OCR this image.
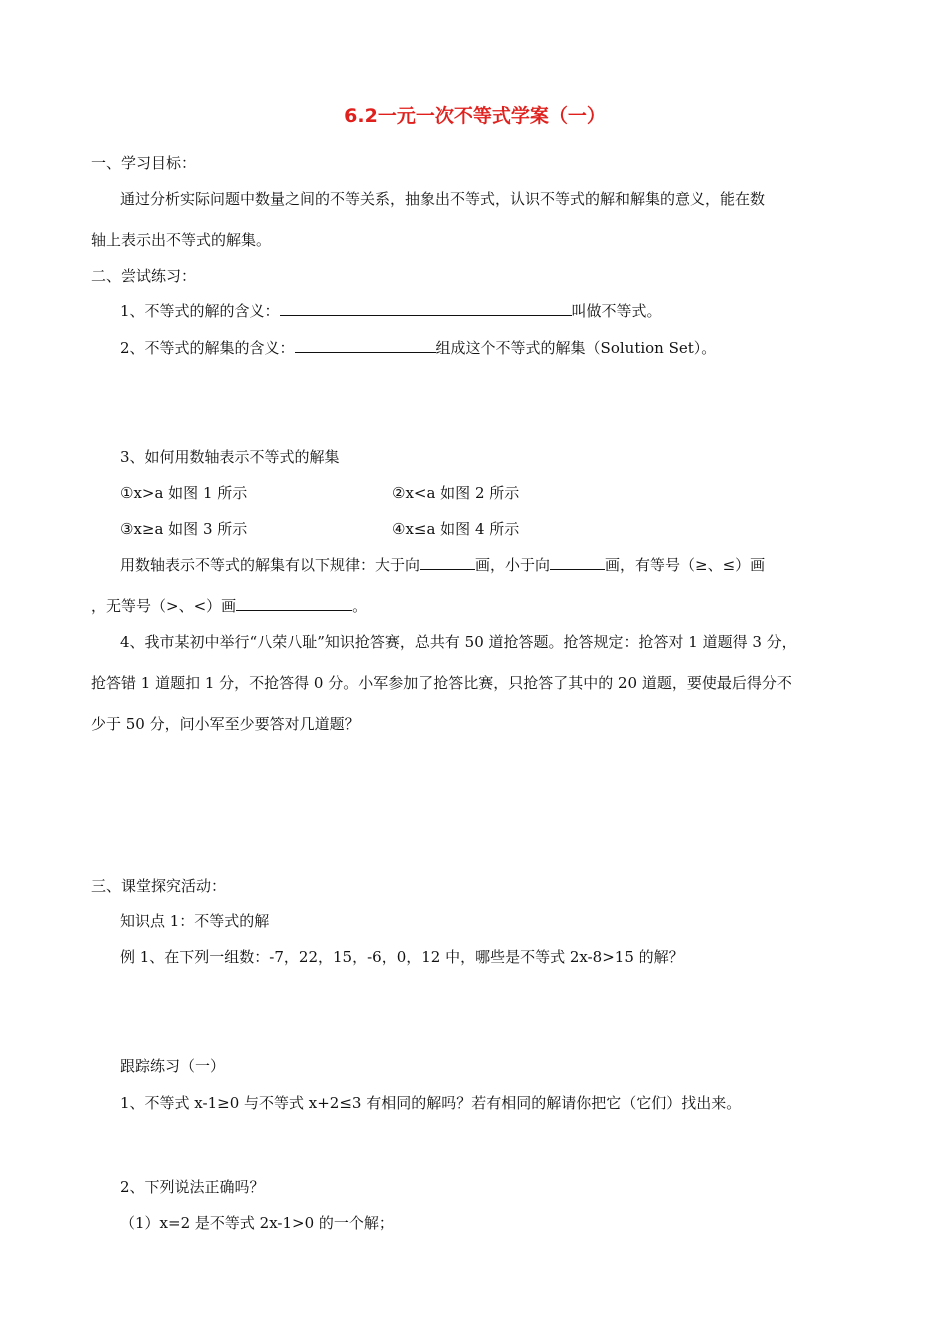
6.2一元一次不等式学案（一）
一、学习目标：
通过分析实际问题中数量之间的不等关系，抽象出不等式，认识不等式的解和解集的意义，能在数
轴上表示出不等式的解集。
二、尝试练习：
1、不等式的解的含义：	叫做不等式。
2、不等式的解集的含义：	组成这个不等式的解集（Solution Set）。
3、如何用数轴表示不等式的解集
①x>a 如图 1 所示	②x<a 如图 2 所示
③x≥a 如图 3 所示	④x≤a 如图 4 所示
用数轴表示不等式的解集有以下规律：大于向	画，小于向	画，有等号（≥、≤）画
，无等号（>、<）画	。
4、我市某初中举行“八荣八耻”知识抢答赛，总共有 50 道抢答题。抢答规定：抢答对 1 道题得 3 分，
抢答错 1 道题扣 1 分，不抢答得 0 分。小军参加了抢答比赛，只抢答了其中的 20 道题，要使最后得分不
少于 50 分，问小军至少要答对几道题？
三、课堂探究活动：
知识点 1：不等式的解
例 1、在下列一组数：-7，22，15，-6，0，12 中，哪些是不等式 2x-8>15 的解？
跟踪练习（一）
1、不等式 x-1≥0 与不等式 x+2≤3 有相同的解吗？若有相同的解请你把它（它们）找出来。
2、下列说法正确吗？
（1）x=2 是不等式 2x-1>0 的一个解；
